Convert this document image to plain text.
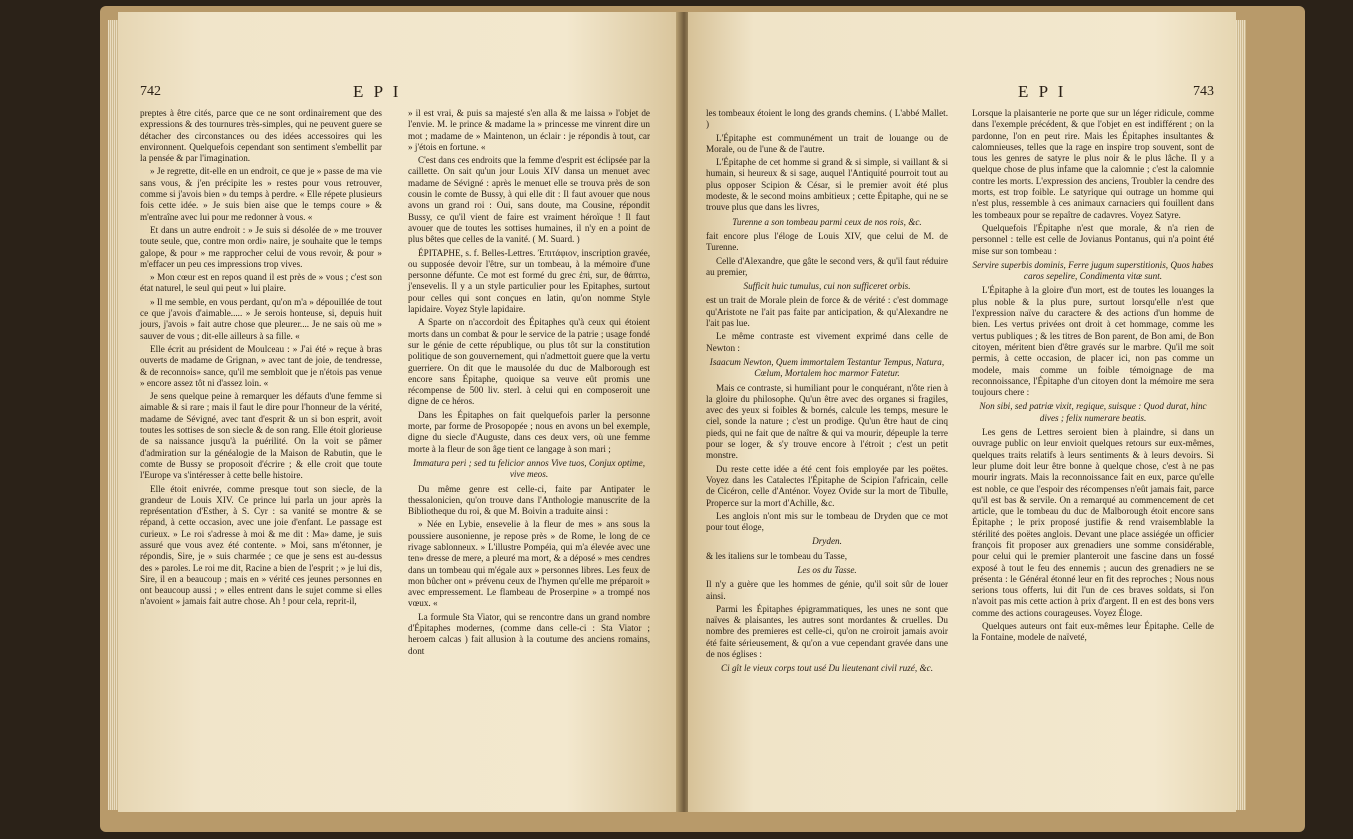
742	E P I

preptes à être cités, parce que ce ne sont ordinairement que des expressions & des tournures très-simples, qui ne peuvent guere se détacher des circonstances ou des idées accessoires qui les environnent. Quelquefois cependant son sentiment s'embellit par la pensée & par l'imagination.

» Je regrette, dit-elle en un endroit, ce que je » passe de ma vie sans vous, & j'en précipite les » restes pour vous retrouver, comme si j'avois bien » du temps à perdre. « Elle répete plusieurs fois cette idée. » Je suis bien aise que le temps coure » & m'entraîne avec lui pour me redonner à vous. «

Et dans un autre endroit : » Je suis si désolée de » me trouver toute seule, que, contre mon ordi» naire, je souhaite que le temps galope, & pour » me rapprocher celui de vous revoir, & pour » m'effacer un peu ces impressions trop vives.

» Mon cœur est en repos quand il est près de » vous ; c'est son état naturel, le seul qui peut » lui plaire.

» Il me semble, en vous perdant, qu'on m'a » dépouillée de tout ce que j'avois d'aimable..... » Je serois honteuse, si, depuis huit jours, j'avois » fait autre chose que pleurer.... Je ne sais où me » sauver de vous ; dit-elle ailleurs à sa fille. «

Elle écrit au président de Moulceau : » J'ai été » reçue à bras ouverts de madame de Grignan, » avec tant de joie, de tendresse, & de reconnois» sance, qu'il me sembloit que je n'étois pas venue » encore assez tôt ni d'assez loin. «

Je sens quelque peine à remarquer les défauts d'une femme si aimable & si rare ; mais il faut le dire pour l'honneur de la vérité, madame de Sévigné, avec tant d'esprit & un si bon esprit, avoit toutes les sottises de son siecle & de son rang. Elle étoit glorieuse de sa naissance jusqu'à la puérilité. On la voit se pâmer d'admiration sur la généalogie de la Maison de Rabutin, que le comte de Bussy se proposoit d'écrire ; & elle croit que toute l'Europe va s'intéresser à cette belle histoire.

Elle étoit enivrée, comme presque tout son siecle, de la grandeur de Louis XIV. Ce prince lui parla un jour après la représentation d'Esther, à S. Cyr : sa vanité se montre & se répand, à cette occasion, avec une joie d'enfant. Le passage est curieux. » Le roi s'adresse à moi & me dit : Ma» dame, je suis assuré que vous avez été contente. » Moi, sans m'étonner, je répondis, Sire, je » suis charmée ; ce que je sens est au-dessus des » paroles. Le roi me dit, Racine a bien de l'esprit ; » je lui dis, Sire, il en a beaucoup ; mais en » vérité ces jeunes personnes en ont beaucoup aussi ; » elles entrent dans le sujet comme si elles n'avoient » jamais fait autre chose. Ah ! pour cela, reprit-il,

» il est vrai, & puis sa majesté s'en alla & me laissa » l'objet de l'envie. M. le prince & madame la » princesse me vinrent dire un mot ; madame de » Maintenon, un éclair : je répondis à tout, car » j'étois en fortune. «

C'est dans ces endroits que la femme d'esprit est éclipsée par la caillette. On sait qu'un jour Louis XIV dansa un menuet avec madame de Sévigné : après le menuet elle se trouva près de son cousin le comte de Bussy, à qui elle dit : Il faut avouer que nous avons un grand roi : Oui, sans doute, ma Cousine, répondit Bussy, ce qu'il vient de faire est vraiment héroïque ! Il faut avouer que de toutes les sottises humaines, il n'y en a point de plus bêtes que celles de la vanité. ( M. Suard. )

ÉPITAPHE, s. f. Belles-Lettres. Ἐπιτάφιον, inscription gravée, ou supposée devoir l'être, sur un tombeau, à la mémoire d'une personne défunte. Ce mot est formé du grec ἐπὶ, sur, de θάπτω, j'ensevelis. Il y a un style particulier pour les Epitaphes, surtout pour celles qui sont conçues en latin, qu'on nomme Style lapidaire. Voyez Style lapidaire.

A Sparte on n'accordoit des Épitaphes qu'à ceux qui étoient morts dans un combat & pour le service de la patrie ; usage fondé sur le génie de cette république, ou plus tôt sur la constitution politique de son gouvernement, qui n'admettoit guere que la vertu guerriere. On dit que le mausolée du duc de Malborough est encore sans Épitaphe, quoique sa veuve eût promis une récompense de 500 liv. sterl. à celui qui en composeroit une digne de ce héros.

Dans les Épitaphes on fait quelquefois parler la personne morte, par forme de Prosopopée ; nous en avons un bel exemple, digne du siecle d'Auguste, dans ces deux vers, où une femme morte à la fleur de son âge tient ce langage à son mari ;

Immatura peri ; sed tu felicior annos Vive tuos, Conjux optime, vive meos.

Du même genre est celle-ci, faite par Antipater le thessalonicien, qu'on trouve dans l'Anthologie manuscrite de la Bibliotheque du roi, & que M. Boivin a traduite ainsi :

» Née en Lybie, ensevelie à la fleur de mes » ans sous la poussiere ausonienne, je repose près » de Rome, le long de ce rivage sablonneux. » L'illustre Pompéia, qui m'a élevée avec une ten» dresse de mere, a pleuré ma mort, & a déposé » mes cendres dans un tombeau qui m'égale aux » personnes libres. Les feux de mon bûcher ont » prévenu ceux de l'hymen qu'elle me préparoit » avec empressement. Le flambeau de Proserpine » a trompé nos vœux. «

La formule Sta Viator, qui se rencontre dans un grand nombre d'Épitaphes modernes, (comme dans celle-ci : Sta Viator ; heroem calcas ) fait allusion à la coutume des anciens romains, dont

E P I	743

les tombeaux étoient le long des grands chemins. ( L'abbé Mallet. )

L'Épitaphe est communément un trait de louange ou de Morale, ou de l'une & de l'autre.

L'Épitaphe de cet homme si grand & si simple, si vaillant & si humain, si heureux & si sage, auquel l'Antiquité pourroit tout au plus opposer Scipion & César, si le premier avoit été plus modeste, & le second moins ambitieux ; cette Épitaphe, qui ne se trouve plus que dans les livres,

Turenne a son tombeau parmi ceux de nos rois, &c.

fait encore plus l'éloge de Louis XIV, que celui de M. de Turenne.

Celle d'Alexandre, que gâte le second vers, & qu'il faut réduire au premier,

Sufficit huic tumulus, cui non sufficeret orbis.

est un trait de Morale plein de force & de vérité : c'est dommage qu'Aristote ne l'ait pas faite par anticipation, & qu'Alexandre ne l'ait pas lue.

Le même contraste est vivement exprimé dans celle de Newton :

Isaacum Newton, Quem immortalem Testantur Tempus, Natura, Cœlum, Mortalem hoc marmor Fatetur.

Mais ce contraste, si humiliant pour le conquérant, n'ôte rien à la gloire du philosophe. Qu'un être avec des organes si fragiles, avec des yeux si foibles & bornés, calcule les temps, mesure le ciel, sonde la nature ; c'est un prodige. Qu'un être haut de cinq pieds, qui ne fait que de naître & qui va mourir, dépeuple la terre pour se loger, & s'y trouve encore à l'étroit ; c'est un petit monstre.

Du reste cette idée a été cent fois employée par les poëtes. Voyez dans les Catalectes l'Épitaphe de Scipion l'africain, celle de Cicéron, celle d'Anténor. Voyez Ovide sur la mort de Tibulle, Properce sur la mort d'Achille, &c.

Les anglois n'ont mis sur le tombeau de Dryden que ce mot pour tout éloge,

Dryden.

& les italiens sur le tombeau du Tasse,

Les os du Tasse.

Il n'y a guère que les hommes de génie, qu'il soit sûr de louer ainsi.

Parmi les Épitaphes épigrammatiques, les unes ne sont que naïves & plaisantes, les autres sont mordantes & cruelles. Du nombre des premieres est celle-ci, qu'on ne croiroit jamais avoir été faite sérieusement, & qu'on a vue cependant gravée dans une de nos églises :

Ci gît le vieux corps tout usé Du lieutenant civil ruzé, &c.

Lorsque la plaisanterie ne porte que sur un léger ridicule, comme dans l'exemple précédent, & que l'objet en est indifférent ; on la pardonne, l'on en peut rire. Mais les Épitaphes insultantes & calomnieuses, telles que la rage en inspire trop souvent, sont de tous les genres de satyre le plus noir & le plus lâche. Il y a quelque chose de plus infame que la calomnie ; c'est la calomnie contre les morts. L'expression des anciens, Troubler la cendre des morts, est trop foible. Le satyrique qui outrage un homme qui n'est plus, ressemble à ces animaux carnaciers qui fouillent dans les tombeaux pour se repaître de cadavres. Voyez Satyre.

Quelquefois l'Épitaphe n'est que morale, & n'a rien de personnel : telle est celle de Jovianus Pontanus, qui n'a point été mise sur son tombeau :

Servire superbis dominis, Ferre jugum superstitionis, Quos habes caros sepelire, Condimenta vitæ sunt.

L'Épitaphe à la gloire d'un mort, est de toutes les louanges la plus noble & la plus pure, surtout lorsqu'elle n'est que l'expression naïve du caractere & des actions d'un homme de bien. Les vertus privées ont droit à cet hommage, comme les vertus publiques ; & les titres de Bon parent, de Bon ami, de Bon citoyen, méritent bien d'être gravés sur le marbre. Qu'il me soit permis, à cette occasion, de placer ici, non pas comme un modele, mais comme un foible témoignage de ma reconnoissance, l'Épitaphe d'un citoyen dont la mémoire me sera toujours chere :

Non sibi, sed patriæ vixit, regique, suisque : Quod durat, hinc dives ; felix numerare beatis.

Les gens de Lettres seroient bien à plaindre, si dans un ouvrage public on leur envioit quelques retours sur eux-mêmes, quelques traits relatifs à leurs sentiments & à leurs devoirs. Si leur plume doit leur être bonne à quelque chose, c'est à ne pas mourir ingrats. Mais la reconnoissance fait en eux, parce qu'elle est noble, ce que l'espoir des récompenses n'eût jamais fait, parce qu'il est bas & servile. On a remarqué au commencement de cet article, que le tombeau du duc de Malborough étoit encore sans Épitaphe ; le prix proposé justifie & rend vraisemblable la stérilité des poëtes anglois. Devant une place assiégée un officier françois fit proposer aux grenadiers une somme considérable, pour celui qui le premier planteroit une fascine dans un fossé exposé à tout le feu des ennemis ; aucun des grenadiers ne se présenta : le Général étonné leur en fit des reproches ; Nous nous serions tous offerts, lui dit l'un de ces braves soldats, si l'on n'avoit pas mis cette action à prix d'argent. Il en est des bons vers comme des actions courageuses. Voyez Éloge.

Quelques auteurs ont fait eux-mêmes leur Épitaphe. Celle de la Fontaine, modele de naïveté,
